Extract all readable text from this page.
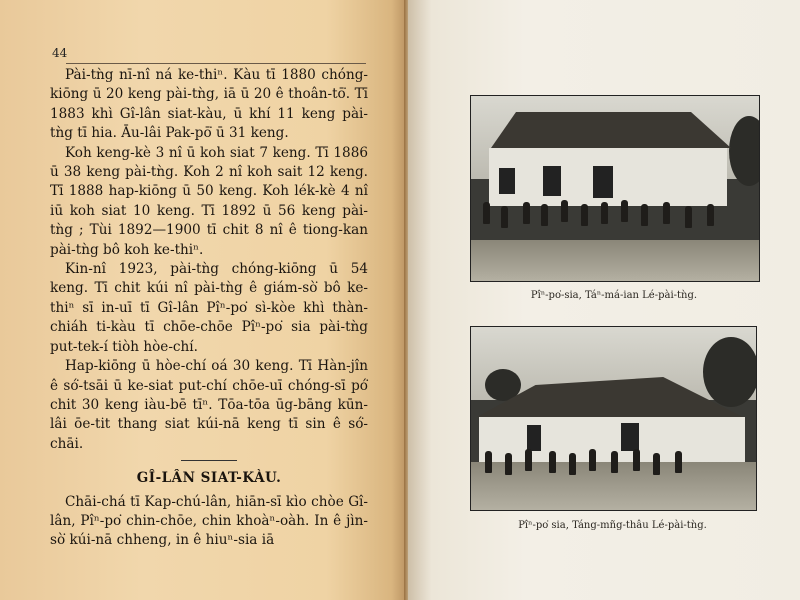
44

Pài-tǹg nī-nî ná ke-thiⁿ. Kàu tī 1880 chóng-kiōng ū 20 keng pài-tǹg, iā ū 20 ê thoân-tō͘. Tī 1883 khì Gî-lân siat-kàu, ū khí 11 keng pài-tǹg tī hia. Āu-lâi Pak-pō͘ ū 31 keng.

Koh keng-kè 3 nî ū koh siat 7 keng. Tī 1886 ū 38 keng pài-tǹg. Koh 2 nî koh sait 12 keng. Tī 1888 hap-kiōng ū 50 keng. Koh lék-kè 4 nî iū koh siat 10 keng. Tī 1892 ū 56 keng pài-tǹg ; Tùi 1892—1900 tī chit 8 nî ê tiong-kan pài-tǹg bô koh ke-thiⁿ.

Kin-nî 1923, pài-tǹg chóng-kiōng ū 54 keng. Tī chit kúi nî pài-tǹg ê giám-sò͘ bô ke-thiⁿ sī in-uī tī Gî-lân Pîⁿ-po͘ sì-kòe khì thàn-chiáh ti-kàu tī chōe-chōe Pîⁿ-po͘ sia pài-tǹg put-tek-í tiòh hòe-chí.

Hap-kiōng ū hòe-chí oá 30 keng. Tī Hàn-jîn ê só͘-tsāi ū ke-siat put-chí chōe-uī chóng-sī pó͘ chit 30 keng iàu-bē tīⁿ. Tōa-tōa ūg-bāng kūn-lâi ōe-tit thang siat kúi-nā keng tī sin ê só͘-chāi.

GÎ-LÂN SIAT-KÀU.

Chāi-chá tī Kap-chú-lân, hiān-sī kìo chòe Gî-lân, Pîⁿ-po͘ chin-chōe, chin khoàⁿ-oàh. In ê jìn-sò͘ kúi-nā chheng, in ê hiuⁿ-sia iā

Pîⁿ-po͘-sia, Táⁿ-má-ian Lé-pài-tǹg.
Pîⁿ-po͘ sia, Táng-mñg-thâu Lé-pài-tǹg.
